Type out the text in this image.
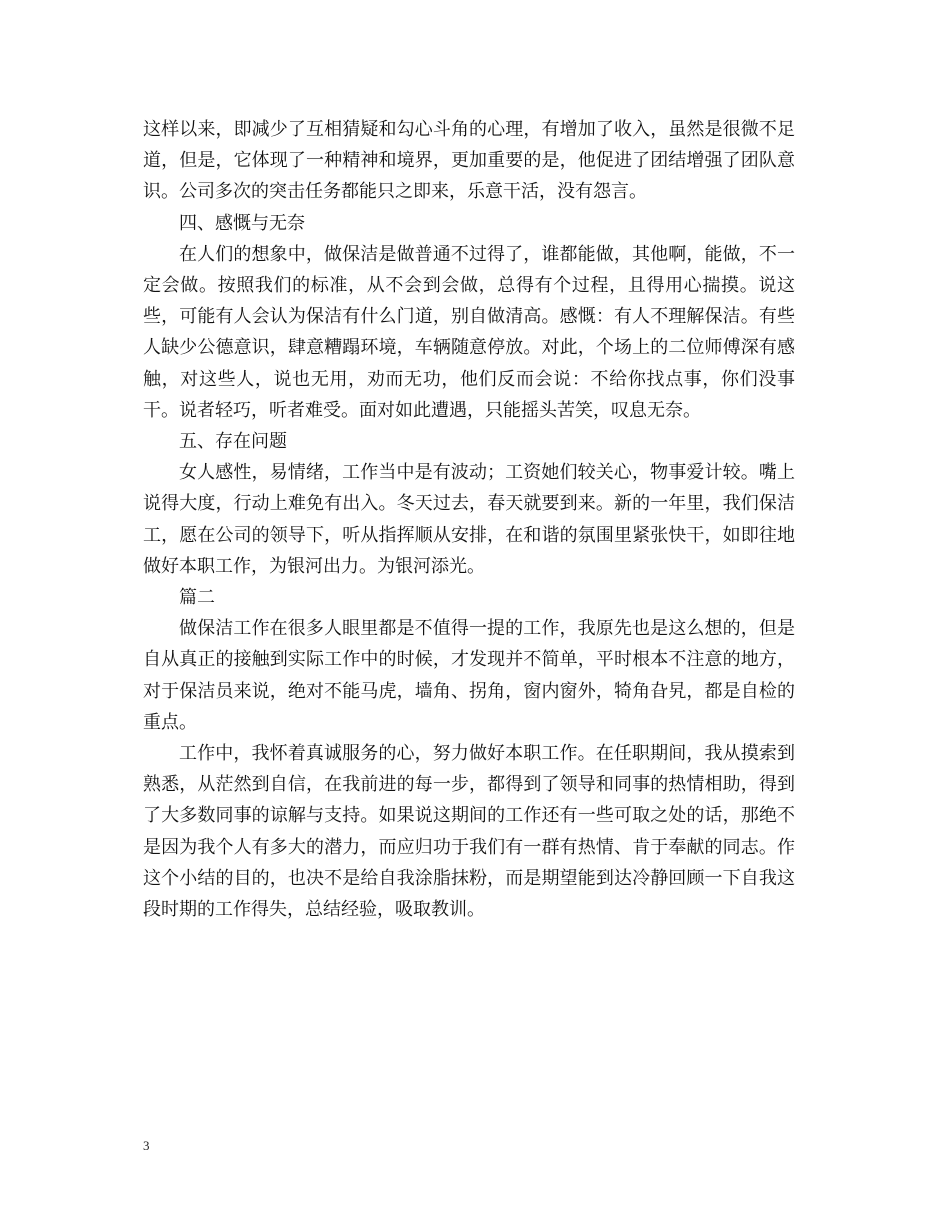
这样以来，即减少了互相猜疑和勾心斗角的心理，有增加了收入，虽然是很微不足道，但是，它体现了一种精神和境界，更加重要的是，他促进了团结增强了团队意识。公司多次的突击任务都能只之即来，乐意干活，没有怨言。

四、感慨与无奈

在人们的想象中，做保洁是做普通不过得了，谁都能做，其他啊，能做，不一定会做。按照我们的标准，从不会到会做，总得有个过程，且得用心揣摸。说这些，可能有人会认为保洁有什么门道，别自做清高。感慨：有人不理解保洁。有些人缺少公德意识，肆意糟蹋环境，车辆随意停放。对此，个场上的二位师傅深有感触，对这些人，说也无用，劝而无功，他们反而会说：不给你找点事，你们没事干。说者轻巧，听者难受。面对如此遭遇，只能摇头苦笑，叹息无奈。

五、存在问题

女人感性，易情绪，工作当中是有波动；工资她们较关心，物事爱计较。嘴上说得大度，行动上难免有出入。冬天过去，春天就要到来。新的一年里，我们保洁工，愿在公司的领导下，听从指挥顺从安排，在和谐的氛围里紧张快干，如即往地做好本职工作，为银河出力。为银河添光。

篇二

做保洁工作在很多人眼里都是不值得一提的工作，我原先也是这么想的，但是自从真正的接触到实际工作中的时候，才发现并不简单，平时根本不注意的地方，对于保洁员来说，绝对不能马虎，墙角、拐角，窗内窗外，犄角旮旯，都是自检的重点。

工作中，我怀着真诚服务的心，努力做好本职工作。在任职期间，我从摸索到熟悉，从茫然到自信，在我前进的每一步，都得到了领导和同事的热情相助，得到了大多数同事的谅解与支持。如果说这期间的工作还有一些可取之处的话，那绝不是因为我个人有多大的潜力，而应归功于我们有一群有热情、肯于奉献的同志。作这个小结的目的，也决不是给自我涂脂抹粉，而是期望能到达冷静回顾一下自我这段时期的工作得失，总结经验，吸取教训。

3
